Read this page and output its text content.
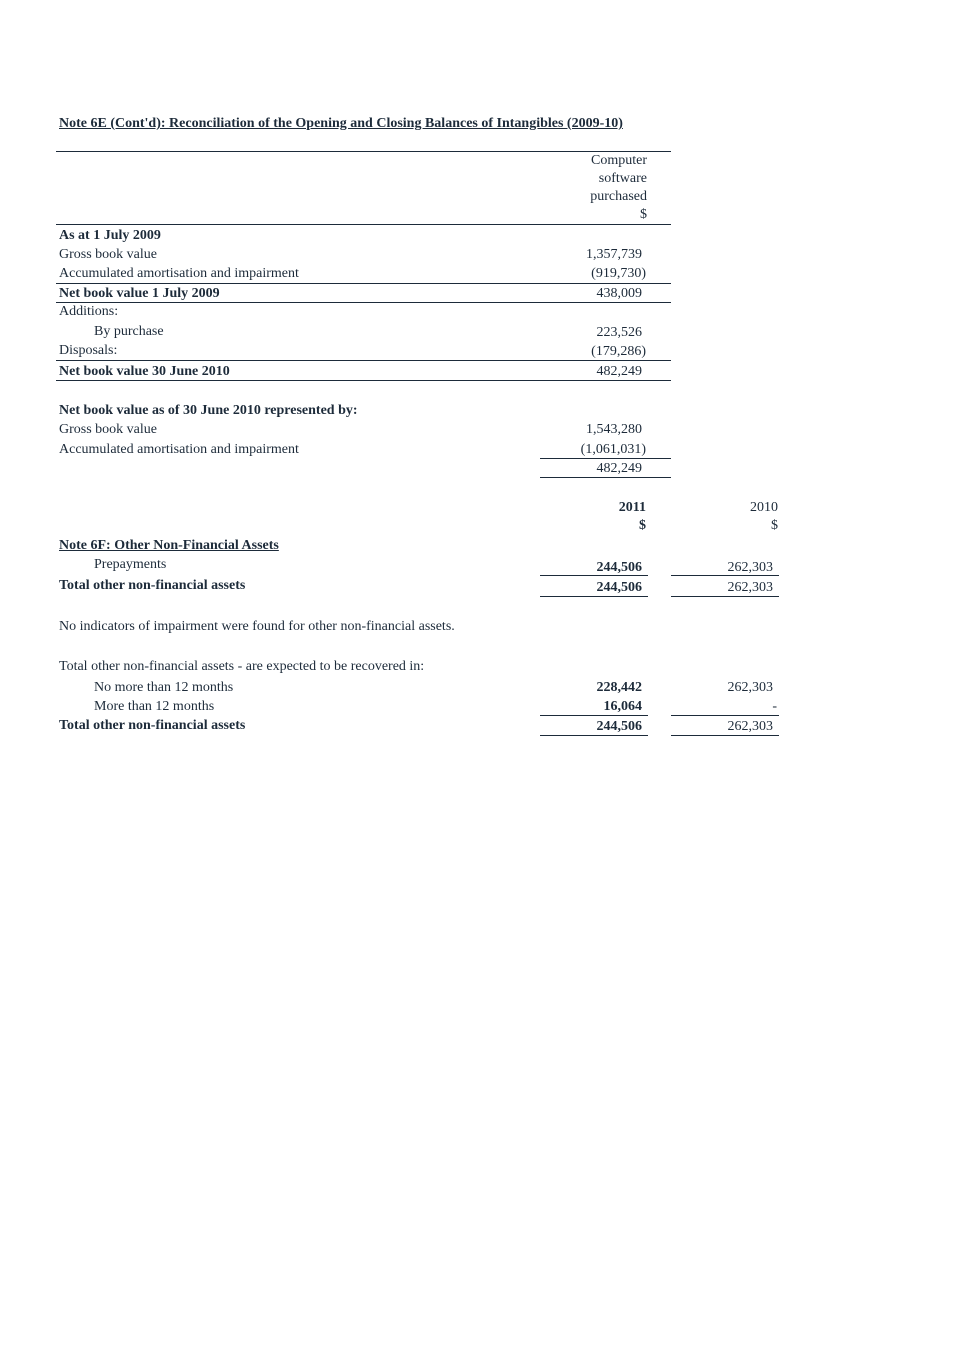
Note 6E (Cont'd): Reconciliation of the Opening and Closing Balances of Intangibles (2009-10)
Computer
software
purchased
$
As at 1 July 2009
Gross book value	1,357,739
Accumulated amortisation and impairment	(919,730)
Net book value 1 July 2009	438,009
Additions:
By purchase	223,526
Disposals:	(179,286)
Net book value 30 June 2010	482,249
Net book value as of 30 June 2010 represented by:
Gross book value	1,543,280
Accumulated amortisation and impairment	(1,061,031)
482,249
2011	2010
$	$
Note 6F: Other Non-Financial Assets
Prepayments	244,506	262,303
Total other non-financial assets	244,506	262,303
No indicators of impairment were found for other non-financial assets.
Total other non-financial assets - are expected to be recovered in:
No more than 12 months	228,442	262,303
More than 12 months	16,064	-
Total other non-financial assets	244,506	262,303
